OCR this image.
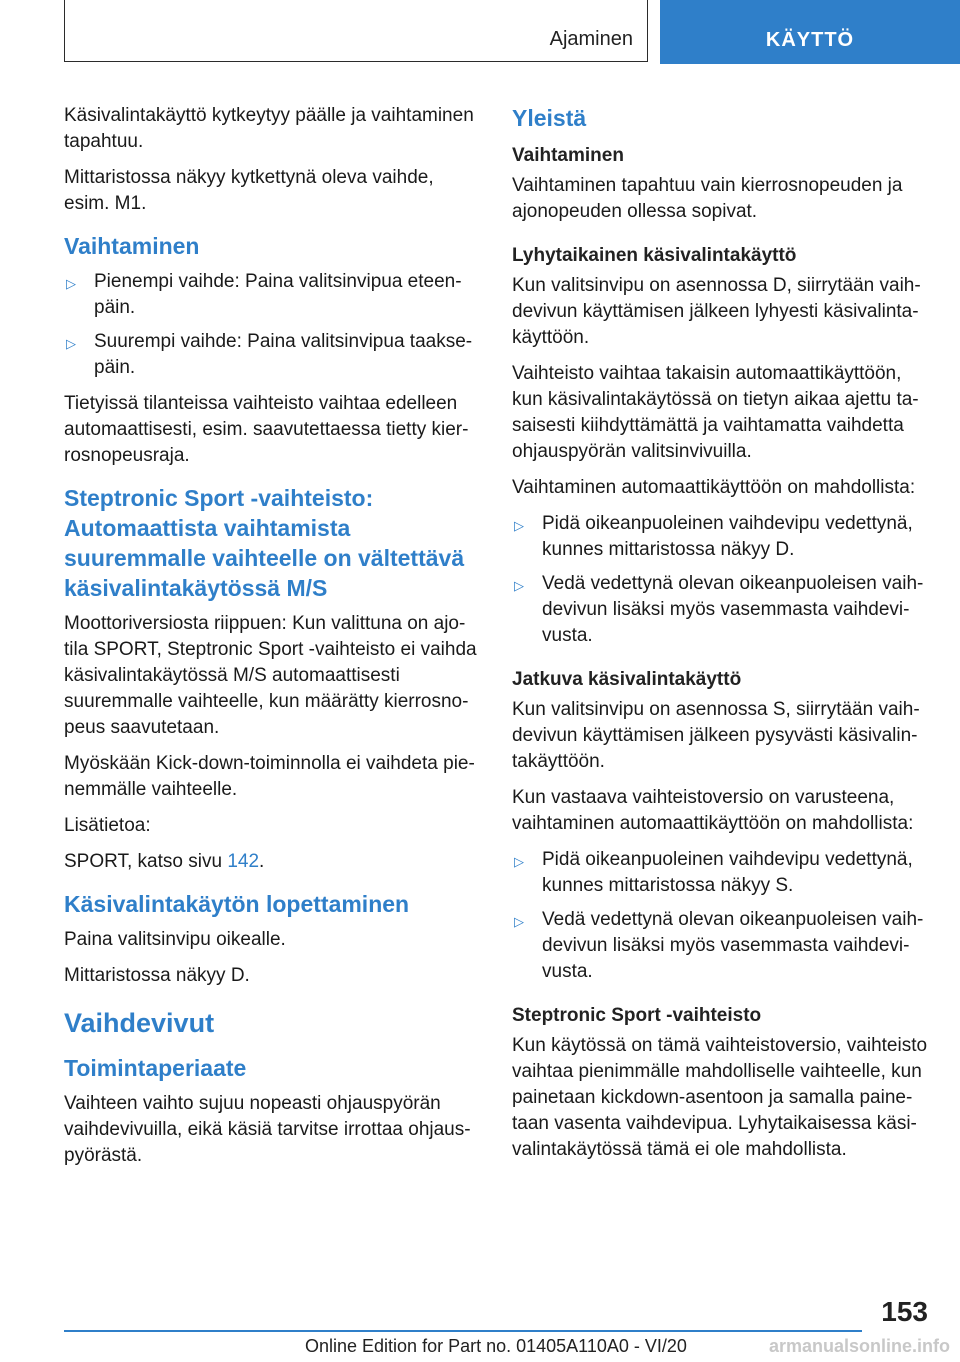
Ajaminen	KÄYTTÖ

Käsivalintakäyttö kytkeytyy päälle ja vaihtaminen tapahtuu.

Mittaristossa näkyy kytkettynä oleva vaihde, esim. M1.

Vaihtaminen
▷ Pienempi vaihde: Paina valitsinvipua eteen‐päin.
▷ Suurempi vaihde: Paina valitsinvipua taakse‐päin.

Tietyissä tilanteissa vaihteisto vaihtaa edelleen automaattisesti, esim. saavutettaessa tietty kier‐rosnopeusraja.

Steptronic Sport -vaihteisto: Automaattista vaihtamista suuremmalle vaihteelle on vältettävä käsivalintakäytössä M/S

Moottoriversiosta riippuen: Kun valittuna on ajo‐tila SPORT, Steptronic Sport -vaihteisto ei vaihda käsivalintakäytössä M/S automaattisesti suuremmalle vaihteelle, kun määrätty kierrosno‐peus saavutetaan.

Myöskään Kick-down-toiminnolla ei vaihdeta pie‐nemmälle vaihteelle.

Lisätietoa:

SPORT, katso sivu 142.

Käsivalintakäytön lopettaminen

Paina valitsinvipu oikealle.

Mittaristossa näkyy D.

Vaihdevivut
Toimintaperiaate

Vaihteen vaihto sujuu nopeasti ohjauspyörän vaihdevivuilla, eikä käsiä tarvitse irrottaa ohjaus‐pyörästä.

Yleistä
Vaihtaminen

Vaihtaminen tapahtuu vain kierrosnopeuden ja ajonopeuden ollessa sopivat.

Lyhytaikainen käsivalintakäyttö

Kun valitsinvipu on asennossa D, siirrytään vaih‐devivun käyttämisen jälkeen lyhyesti käsivalinta‐käyttöön.

Vaihteisto vaihtaa takaisin automaattikäyttöön, kun käsivalintakäytössä on tietyn aikaa ajettu ta‐saisesti kiihdyttämättä ja vaihtamatta vaihdetta ohjauspyörän valitsinvivuilla.

Vaihtaminen automaattikäyttöön on mahdollista:

▷ Pidä oikeanpuoleinen vaihdevipu vedettynä, kunnes mittaristossa näkyy D.
▷ Vedä vedettynä olevan oikeanpuoleisen vaih‐devivun lisäksi myös vasemmasta vaihdevi‐vusta.
Jatkuva käsivalintakäyttö

Kun valitsinvipu on asennossa S, siirrytään vaih‐devivun käyttämisen jälkeen pysyvästi käsivalin‐takäyttöön.

Kun vastaava vaihteistoversio on varusteena, vaihtaminen automaattikäyttöön on mahdollista:

▷ Pidä oikeanpuoleinen vaihdevipu vedettynä, kunnes mittaristossa näkyy S.
▷ Vedä vedettynä olevan oikeanpuoleisen vaih‐devivun lisäksi myös vasemmasta vaihdevi‐vusta.
Steptronic Sport -vaihteisto

Kun käytössä on tämä vaihteistoversio, vaihteisto vaihtaa pienimmälle mahdolliselle vaihteelle, kun painetaan kickdown-asentoon ja samalla paine‐taan vasenta vaihdevipua. Lyhytaikaisessa käsi‐valintakäytössä tämä ei ole mahdollista.

153
Online Edition for Part no. 01405A110A0 - VI/20	armanualsonline.info
